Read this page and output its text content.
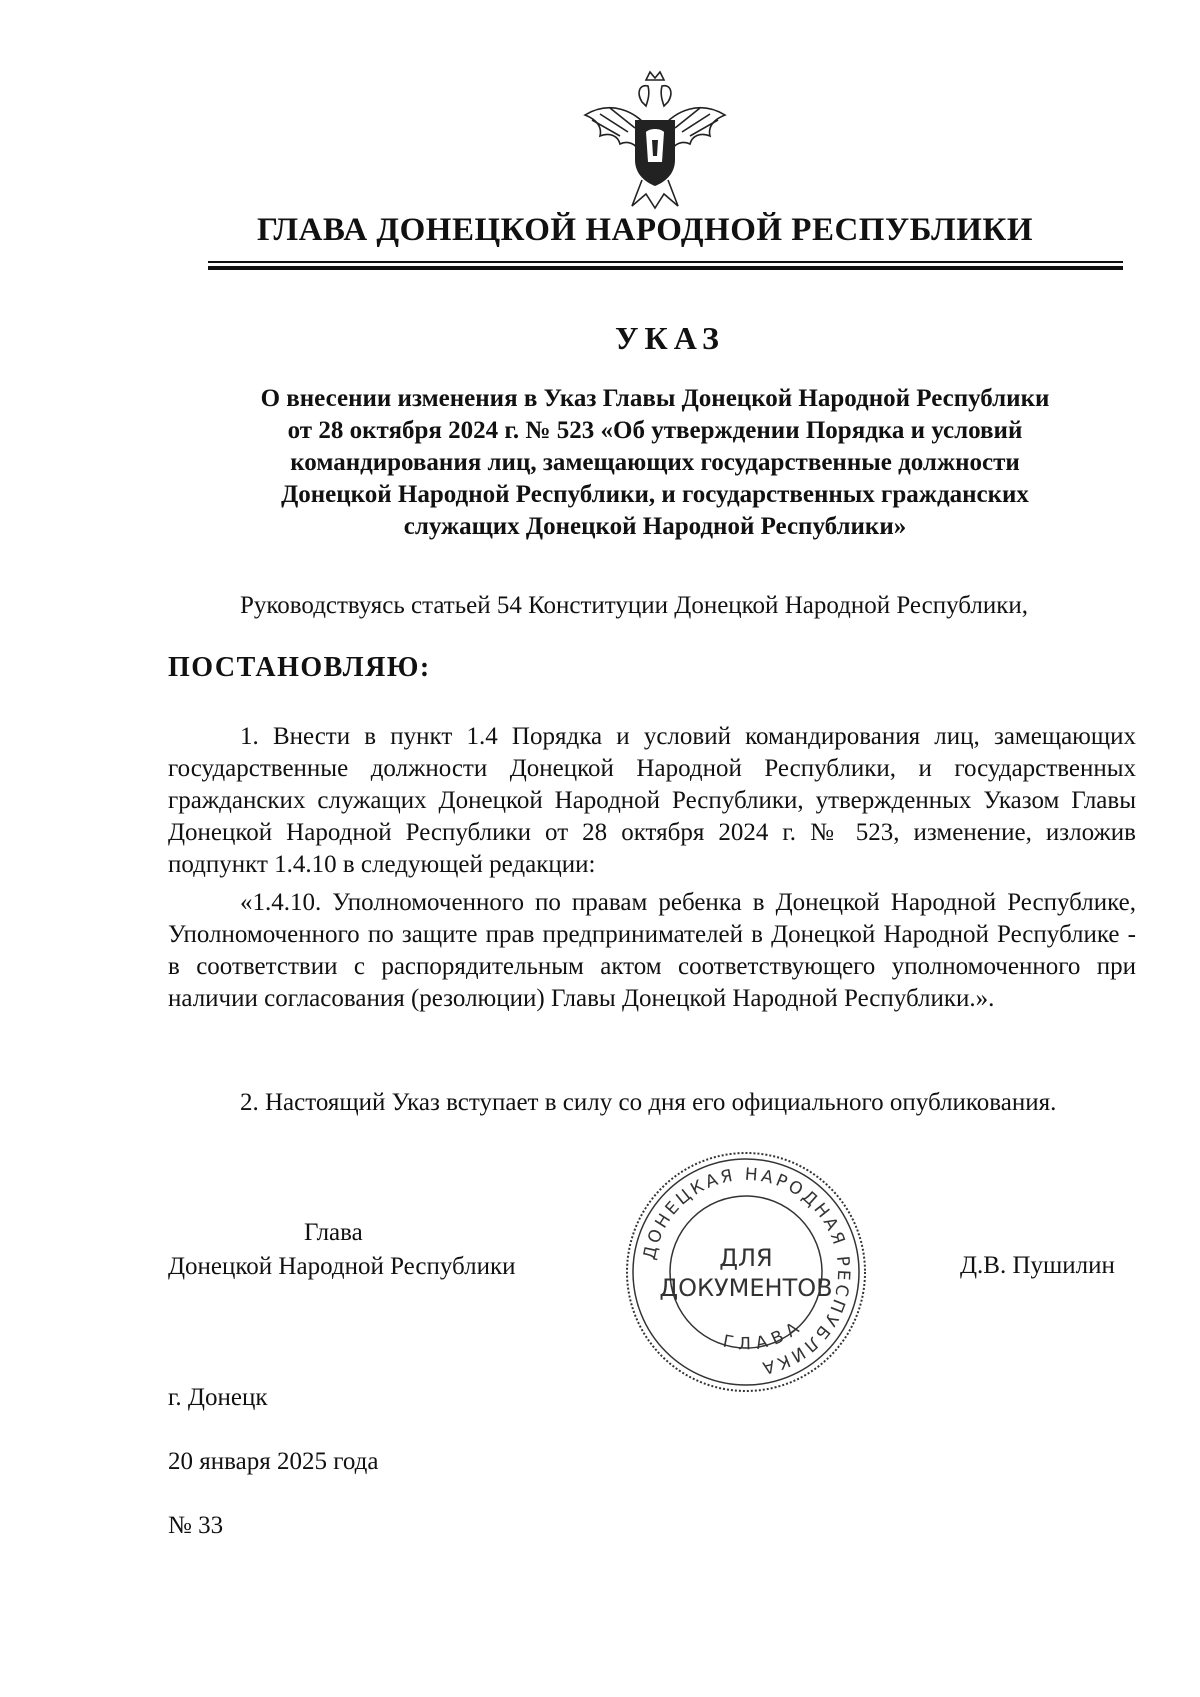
ГЛАВА ДОНЕЦКОЙ НАРОДНОЙ РЕСПУБЛИКИ
УКАЗ
О внесении изменения в Указ Главы Донецкой Народной Республики
от 28 октября 2024 г. № 523 «Об утверждении Порядка и условий
командирования лиц, замещающих государственные должности
Донецкой Народной Республики, и государственных гражданских
служащих Донецкой Народной Республики»
Руководствуясь статьей 54 Конституции Донецкой Народной Республики,
ПОСТАНОВЛЯЮ:
1. Внести в пункт 1.4 Порядка и условий командирования лиц, замещающих государственные должности Донецкой Народной Республики, и государственных гражданских служащих Донецкой Народной Республики, утвержденных Указом Главы Донецкой Народной Республики от 28 октября 2024 г. № 523, изменение, изложив подпункт 1.4.10 в следующей редакции:
«1.4.10. Уполномоченного по правам ребенка в Донецкой Народной Республике, Уполномоченного по защите прав предпринимателей в Донецкой Народной Республике - в соответствии с распорядительным актом соответствующего уполномоченного при наличии согласования (резолюции) Главы Донецкой Народной Республики.».
2. Настоящий Указ вступает в силу со дня его официального опубликования.
Глава
Донецкой Народной Республики
ДОНЕЦКАЯ НАРОДНАЯ РЕСПУБЛИКА
ГЛАВА
ДЛЯ
ДОКУМЕНТОВ
Д.В. Пушилин
г. Донецк
20 января 2025 года
№ 33
